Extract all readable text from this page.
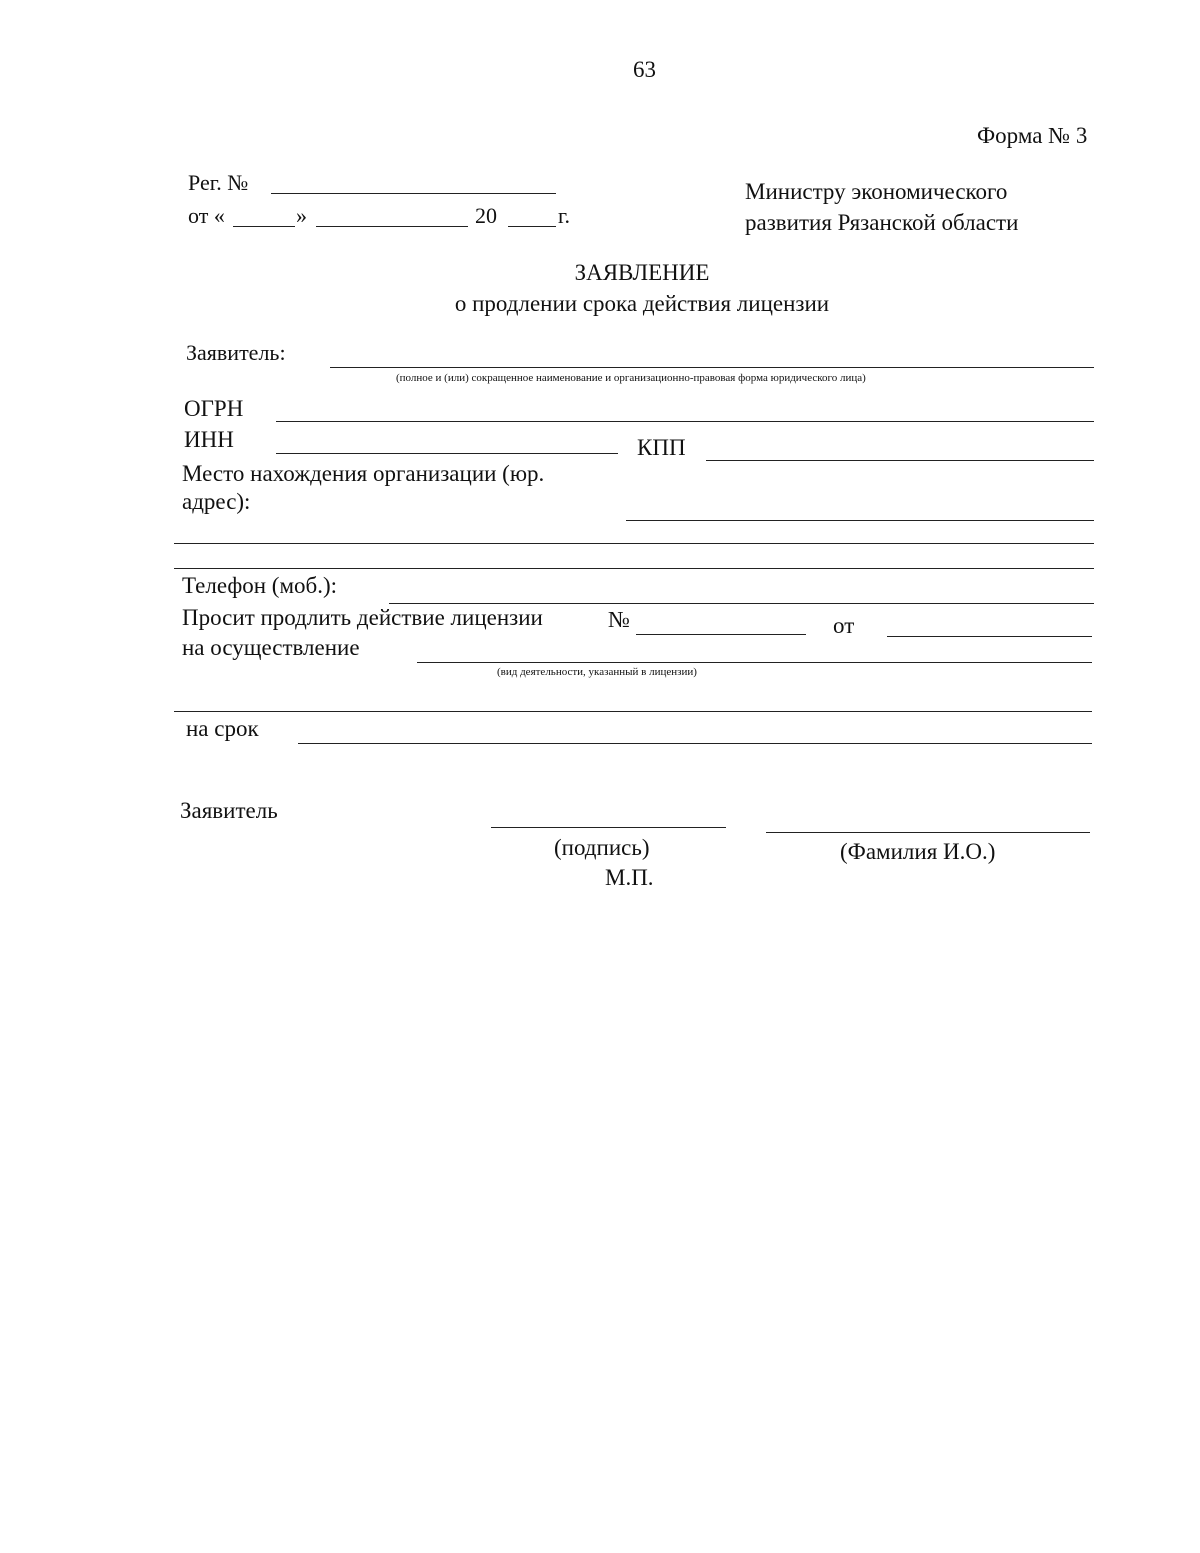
63
Форма № 3
Рег. №
от «	»	20	г.
Министру экономического
развития Рязанской области
ЗАЯВЛЕНИЕ
о продлении срока действия лицензии
Заявитель:
(полное и (или) сокращенное наименование и организационно-правовая форма юридического лица)
ОГРН
ИНН	КПП
Место нахождения организации (юр.
адрес):
Телефон (моб.):
Просит продлить действие лицензии	№	от
на осуществление
(вид деятельности, указанный в лицензии)
на срок
Заявитель
(подпись)	(Фамилия И.О.)
М.П.
